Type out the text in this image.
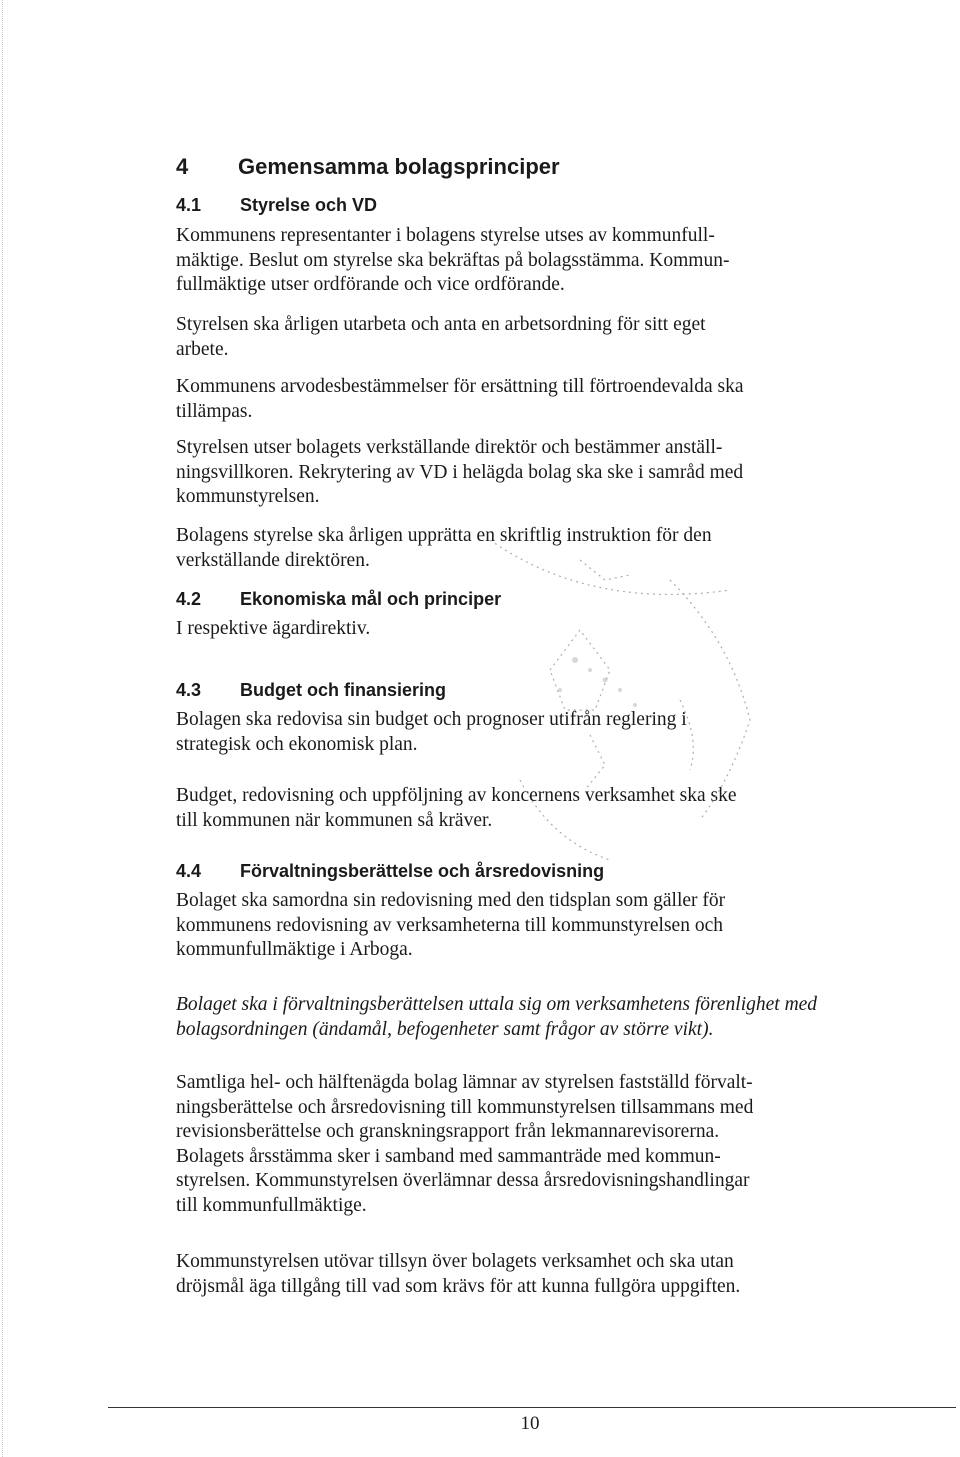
4 Gemensamma bolagsprinciper
4.1 Styrelse och VD
Kommunens representanter i bolagens styrelse utses av kommunfull-
mäktige. Beslut om styrelse ska bekräftas på bolagsstämma. Kommun-
fullmäktige utser ordförande och vice ordförande.
Styrelsen ska årligen utarbeta och anta en arbetsordning för sitt eget
arbete.
Kommunens arvodesbestämmelser för ersättning till förtroendevalda ska
tillämpas.
Styrelsen utser bolagets verkställande direktör och bestämmer anställ-
ningsvillkoren. Rekrytering av VD i helägda bolag ska ske i samråd med
kommunstyrelsen.
Bolagens styrelse ska årligen upprätta en skriftlig instruktion för den
verkställande direktören.
4.2 Ekonomiska mål och principer
I respektive ägardirektiv.
4.3 Budget och finansiering
Bolagen ska redovisa sin budget och prognoser utifrån reglering i
strategisk och ekonomisk plan.
Budget, redovisning och uppföljning av koncernens verksamhet ska ske
till kommunen när kommunen så kräver.
4.4 Förvaltningsberättelse och årsredovisning
Bolaget ska samordna sin redovisning med den tidsplan som gäller för
kommunens redovisning av verksamheterna till kommunstyrelsen och
kommunfullmäktige i Arboga.
Bolaget ska i förvaltningsberättelsen uttala sig om verksamhetens förenlighet med
bolagsordningen (ändamål, befogenheter samt frågor av större vikt).
Samtliga hel- och hälftenägda bolag lämnar av styrelsen fastställd förvalt-
ningsberättelse och årsredovisning till kommunstyrelsen tillsammans med
revisionsberättelse och granskningsrapport från lekmannarevisorerna.
Bolagets årsstämma sker i samband med sammanträde med kommun-
styrelsen. Kommunstyrelsen överlämnar dessa årsredovisningshandlingar
till kommunfullmäktige.
Kommunstyrelsen utövar tillsyn över bolagets verksamhet och ska utan
dröjsmål äga tillgång till vad som krävs för att kunna fullgöra uppgiften.
10
